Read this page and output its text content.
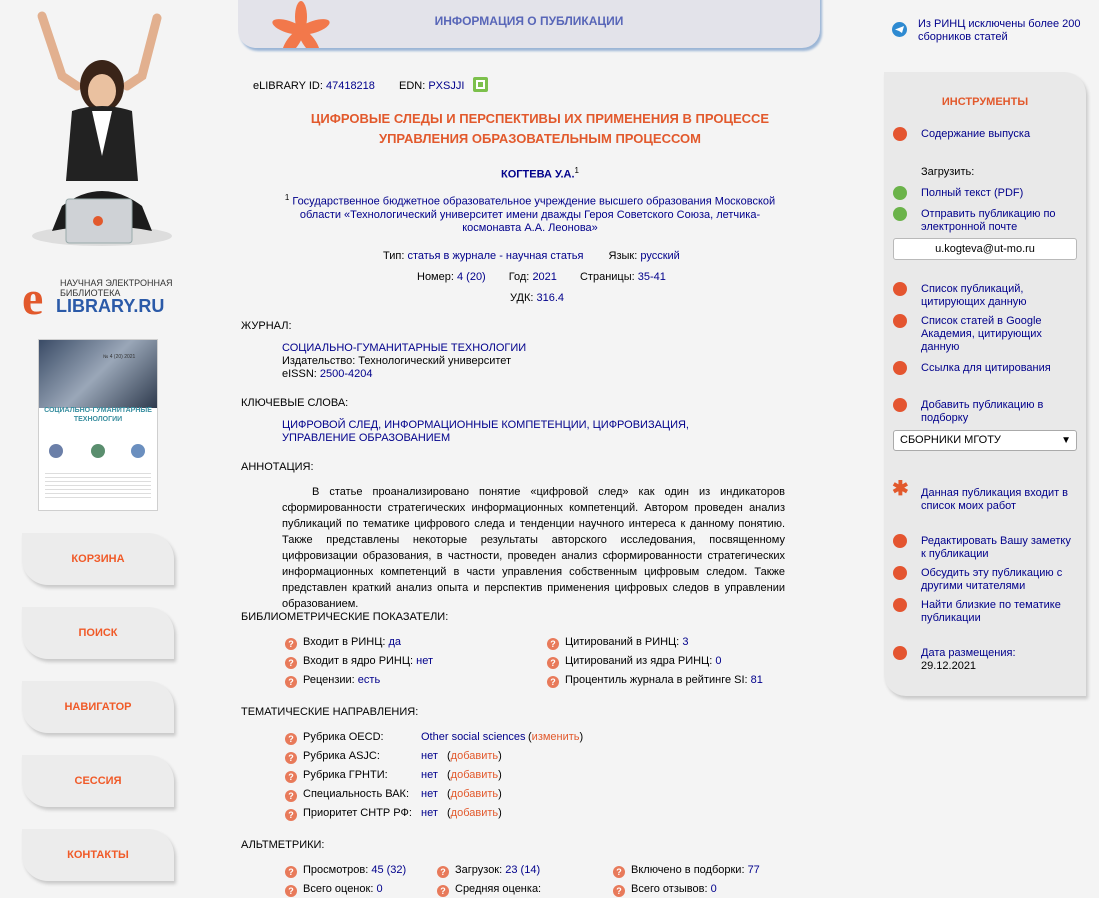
e НАУЧНАЯ ЭЛЕКТРОННАЯ БИБЛИОТЕКА
LIBRARY.RU
№ 4 (20) 2021
СОЦИАЛЬНО-ГУМАНИТАРНЫЕ ТЕХНОЛОГИИ
КОРЗИНА
ПОИСК
НАВИГАТОР
СЕССИЯ
КОНТАКТЫ
ИНФОРМАЦИЯ О ПУБЛИКАЦИИ
eLIBRARY ID: 47418218 EDN: PXSJJI
ЦИФРОВЫЕ СЛЕДЫ И ПЕРСПЕКТИВЫ ИХ ПРИМЕНЕНИЯ В ПРОЦЕССЕ УПРАВЛЕНИЯ ОБРАЗОВАТЕЛЬНЫМ ПРОЦЕССОМ
КОГТЕВА У.А.$^1$
$^1$ Государственное бюджетное образовательное учреждение высшего образования Московской области «Технологический университет имени дважды Героя Советского Союза, летчика-космонавта А.А. Леонова»
Тип: статья в журнале - научная статья Язык: русский
Номер: 4 (20) Год: 2021 Страницы: 35-41
УДК: 316.4
ЖУРНАЛ:
СОЦИАЛЬНО-ГУМАНИТАРНЫЕ ТЕХНОЛОГИИ
Издательство: Технологический университет
eISSN: 2500-4204
КЛЮЧЕВЫЕ СЛОВА:
ЦИФРОВОЙ СЛЕД, ИНФОРМАЦИОННЫЕ КОМПЕТЕНЦИИ, ЦИФРОВИЗАЦИЯ, УПРАВЛЕНИЕ ОБРАЗОВАНИЕМ
АННОТАЦИЯ:
В статье проанализировано понятие «цифровой след» как один из индикаторов сформированности стратегических информационных компетенций. Автором проведен анализ публикаций по тематике цифрового следа и тенденции научного интереса к данному понятию. Также представлены некоторые результаты авторского исследования, посвященному цифровизации образования, в частности, проведен анализ сформированности стратегических информационных компетенций в части управления собственным цифровым следом. Также представлен краткий анализ опыта и перспектив применения цифровых следов в управлении образованием.
БИБЛИОМЕТРИЧЕСКИЕ ПОКАЗАТЕЛИ:
? Входит в РИНЦ: да	? Цитирований в РИНЦ: 3
? Входит в ядро РИНЦ: нет	? Цитирований из ядра РИНЦ: 0
? Рецензии: есть	? Процентиль журнала в рейтинге SI: 81
ТЕМАТИЧЕСКИЕ НАПРАВЛЕНИЯ:
? Рубрика OECD:	Other social sciences (изменить)
? Рубрика ASJC:	нет (добавить)
? Рубрика ГРНТИ:	нет (добавить)
? Специальность ВАК: нет (добавить)
? Приоритет СНТР РФ: нет (добавить)
АЛЬТМЕТРИКИ:
? Просмотров: 45 (32)	? Загрузок: 23 (14)	? Включено в подборки: 77
? Всего оценок: 0	? Средняя оценка:	? Всего отзывов: 0
Из РИНЦ исключены более 200 сборников статей
ИНСТРУМЕНТЫ
Содержание выпуска
Загрузить:
Полный текст (PDF)
Отправить публикацию по электронной почте
u.kogteva@ut-mo.ru
Список публикаций, цитирующих данную
Список статей в Google Академия, цитирующих данную
Ссылка для цитирования
Добавить публикацию в подборку
СБОРНИКИ МГОТУ	▼
✱ Данная публикация входит в список моих работ
Редактировать Вашу заметку к публикации
Обсудить эту публикацию с другими читателями
Найти близкие по тематике публикации
Дата размещения:
29.12.2021
